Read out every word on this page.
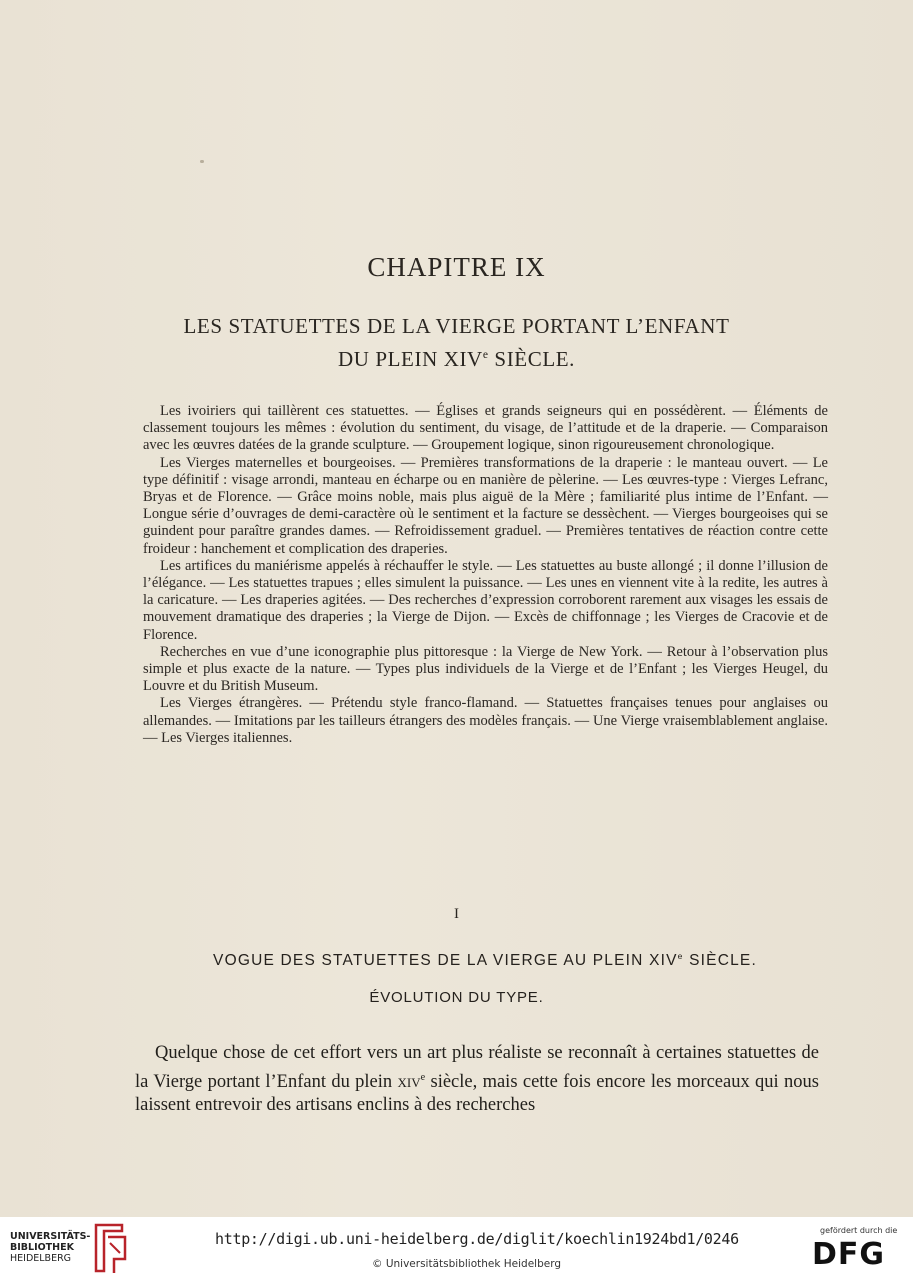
CHAPITRE IX
LES STATUETTES DE LA VIERGE PORTANT L’ENFANT
DU PLEIN XIVe SIÈCLE.

Les ivoiriers qui taillèrent ces statuettes. — Églises et grands seigneurs qui en possédèrent. — Éléments de classement toujours les mêmes : évolution du sentiment, du visage, de l’attitude et de la draperie. — Comparaison avec les œuvres datées de la grande sculpture. — Groupement logique, sinon rigoureusement chronologique.

Les Vierges maternelles et bourgeoises. — Premières transformations de la draperie : le manteau ouvert. — Le type définitif : visage arrondi, manteau en écharpe ou en manière de pèlerine. — Les œuvres-type : Vierges Lefranc, Bryas et de Florence. — Grâce moins noble, mais plus aiguë de la Mère ; familiarité plus intime de l’Enfant. — Longue série d’ouvrages de demi-caractère où le sentiment et la facture se dessèchent. — Vierges bourgeoises qui se guindent pour paraître grandes dames. — Refroidissement graduel. — Premières tentatives de réaction contre cette froideur : hanchement et complication des draperies.

Les artifices du maniérisme appelés à réchauffer le style. — Les statuettes au buste allongé ; il donne l’illusion de l’élégance. — Les statuettes trapues ; elles simulent la puissance. — Les unes en viennent vite à la redite, les autres à la caricature. — Les draperies agitées. — Des recherches d’expression corroborent rarement aux visages les essais de mouvement dramatique des draperies ; la Vierge de Dijon. — Excès de chiffonnage ; les Vierges de Cracovie et de Florence.

Recherches en vue d’une iconographie plus pittoresque : la Vierge de New York. — Retour à l’observation plus simple et plus exacte de la nature. — Types plus individuels de la Vierge et de l’Enfant ; les Vierges Heugel, du Louvre et du British Museum.

Les Vierges étrangères. — Prétendu style franco-flamand. — Statuettes françaises tenues pour anglaises ou allemandes. — Imitations par les tailleurs étrangers des modèles français. — Une Vierge vraisemblablement anglaise. — Les Vierges italiennes.

I
VOGUE DES STATUETTES DE LA VIERGE AU PLEIN XIVe SIÈCLE.
ÉVOLUTION DU TYPE.

Quelque chose de cet effort vers un art plus réaliste se reconnaît à certaines statuettes de la Vierge portant l’Enfant du plein xiv$^e$ siècle, mais cette fois encore les morceaux qui nous laissent entrevoir des artisans enclins à des recherches

UNIVERSITÄTS-
BIBLIOTHEK
HEIDELBERG
http://digi.ub.uni-heidelberg.de/diglit/koechlin1924bd1/0246
© Universitätsbibliothek Heidelberg
gefördert durch die
DFG
